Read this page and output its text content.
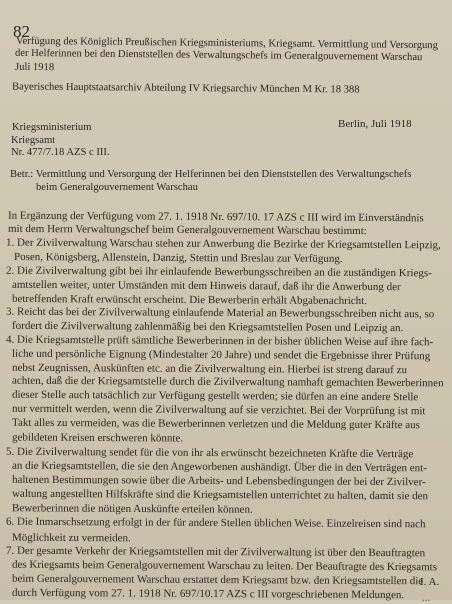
82
Verfügung des Königlich Preußischen Kriegsministeriums, Kriegsamt. Vermittlung und Versorgung
der Helferinnen bei den Dienststellen des Verwaltungschefs im Generalgouvernement Warschau
Juli 1918
Bayerisches Hauptstaatsarchiv Abteilung IV Kriegsarchiv München M Kr. 18 388
Kriegsministerium
Kriegsamt
Nr. 477/7.18 AZS c III.
Betr.: Vermittlung und Versorgung der Helferinnen bei den Dienststellen des Verwaltungschefs
beim Generalgouvernement Warschau
In Ergänzung der Verfügung vom 27. 1. 1918 Nr. 697/10. 17 AZS c III wird im Einverständnis
mit dem Herrn Verwaltungschef beim Generalgouvernement Warschau bestimmt:
1. Der Zivilverwaltung Warschau stehen zur Anwerbung die Bezirke der Kriegsamtstellen Leipzig,
Posen, Königsberg, Allenstein, Danzig, Stettin und Breslau zur Verfügung.
2. Die Zivilverwaltung gibt bei ihr einlaufende Bewerbungsschreiben an die zuständigen Kriegs-
amtstellen weiter, unter Umständen mit dem Hinweis darauf, daß ihr die Anwerbung der
betreffenden Kraft erwünscht erscheint. Die Bewerberin erhält Abgabenachricht.
3. Reicht das bei der Zivilverwaltung einlaufende Material an Bewerbungsschreiben nicht aus, so
fordert die Zivilverwaltung zahlenmäßig bei den Kriegsamtstellen Posen und Leipzig an.
4. Die Kriegsamtstelle prüft sämtliche Bewerberinnen in der bisher üblichen Weise auf ihre fach-
liche und persönliche Eignung (Mindestalter 20 Jahre) und sendet die Ergebnisse ihrer Prüfung
nebst Zeugnissen, Auskünften etc. an die Zivilverwaltung ein. Hierbei ist streng darauf zu
achten, daß die der Kriegsamtstelle durch die Zivilverwaltung namhaft gemachten Bewerberinnen
dieser Stelle auch tatsächlich zur Verfügung gestellt werden; sie dürfen an eine andere Stelle
nur vermittelt werden, wenn die Zivilverwaltung auf sie verzichtet. Bei der Vorprüfung ist mit
Takt alles zu vermeiden, was die Bewerberinnen verletzen und die Meldung guter Kräfte aus
gebildeten Kreisen erschweren könnte.
5. Die Zivilverwaltung sendet für die von ihr als erwünscht bezeichneten Kräfte die Verträge
an die Kriegsamtstellen, die sie den Angeworbenen aushändigt. Über die in den Verträgen ent-
haltenen Bestimmungen sowie über die Arbeits- und Lebensbedingungen der bei der Zivilver-
waltung angestellten Hilfskräfte sind die Kriegsamtstellen unterrichtet zu halten, damit sie den
Bewerberinnen die nötigen Auskünfte erteilen können.
6. Die Inmarschsetzung erfolgt in der für andere Stellen üblichen Weise. Einzelreisen sind nach
Möglichkeit zu vermeiden.
7. Der gesamte Verkehr der Kriegsamtstellen mit der Zivilverwaltung ist über den Beauftragten
des Kriegsamts beim Generalgouvernement Warschau zu leiten. Der Beauftragte des Kriegsamts
beim Generalgouvernement Warschau erstattet dem Kriegsamt bzw. den Kriegsamtstellen die
durch Verfügung vom 27. 1. 1918 Nr. 697/10.17 AZS c III vorgeschriebenen Meldungen.
Berlin, Juli 1918
I. A.
...
